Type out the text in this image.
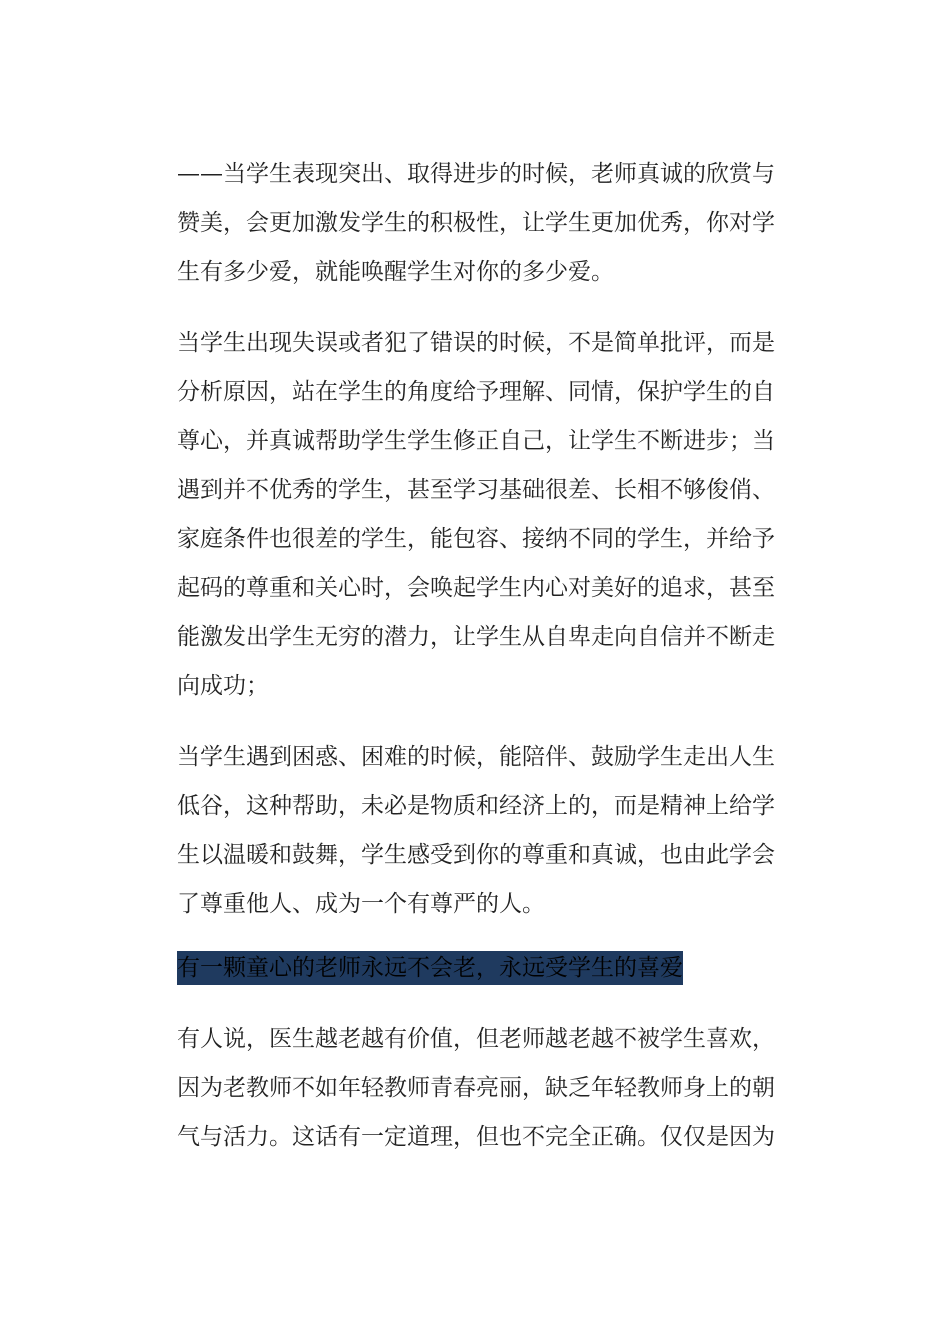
——当学生表现突出、取得进步的时候，老师真诚的欣赏与
赞美，会更加激发学生的积极性，让学生更加优秀，你对学
生有多少爱，就能唤醒学生对你的多少爱。
当学生出现失误或者犯了错误的时候，不是简单批评，而是
分析原因，站在学生的角度给予理解、同情，保护学生的自
尊心，并真诚帮助学生学生修正自己，让学生不断进步；当
遇到并不优秀的学生，甚至学习基础很差、长相不够俊俏、
家庭条件也很差的学生，能包容、接纳不同的学生，并给予
起码的尊重和关心时，会唤起学生内心对美好的追求，甚至
能激发出学生无穷的潜力，让学生从自卑走向自信并不断走
向成功；
当学生遇到困惑、困难的时候，能陪伴、鼓励学生走出人生
低谷，这种帮助，未必是物质和经济上的，而是精神上给学
生以温暖和鼓舞，学生感受到你的尊重和真诚，也由此学会
了尊重他人、成为一个有尊严的人。
有一颗童心的老师永远不会老，永远受学生的喜爱
有人说，医生越老越有价值，但老师越老越不被学生喜欢，
因为老教师不如年轻教师青春亮丽，缺乏年轻教师身上的朝
气与活力。这话有一定道理，但也不完全正确。仅仅是因为
